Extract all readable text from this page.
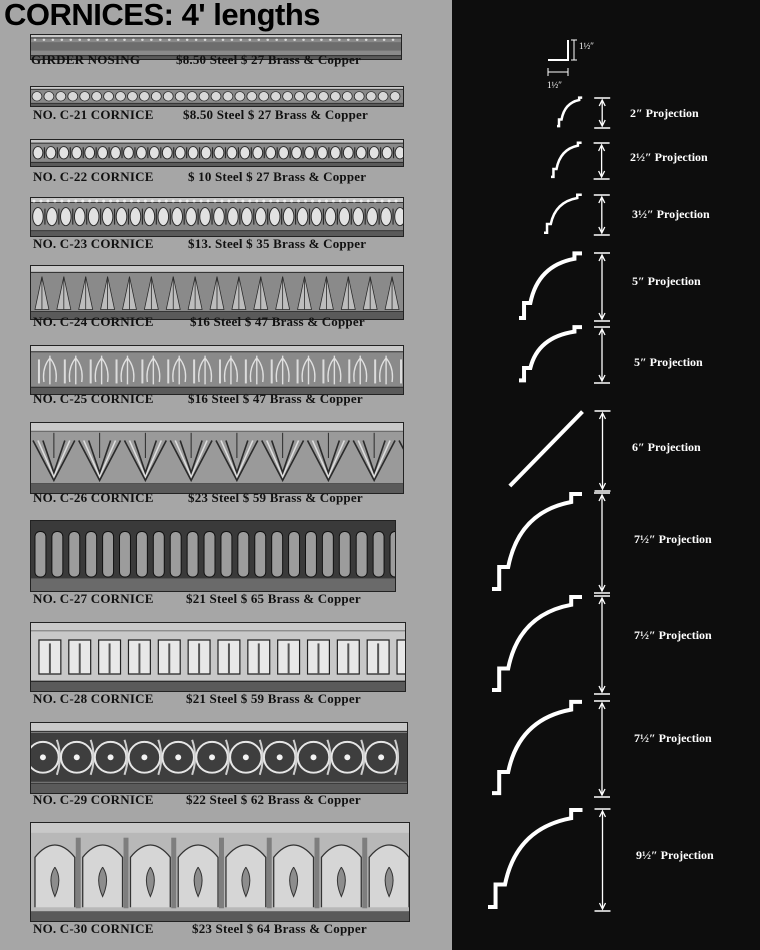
CORNICES: 4' lengths
GIRDER NOSING	$8.50 Steel $ 27 Brass & Copper
NO. C-21 CORNICE $8.50 Steel $ 27 Brass & Copper
NO. C-22 CORNICE	$ 10 Steel $ 27 Brass & Copper
NO. C-23 CORNICE	$13. Steel $ 35 Brass & Copper
NO. C-24 CORNICE	$16 Steel $ 47 Brass & Copper
NO. C-25 CORNICE	$16 Steel $ 47 Brass & Copper
NO. C-26 CORNICE	$23 Steel $ 59 Brass & Copper
NO. C-27 CORNICE $21 Steel $ 65 Brass & Copper
NO. C-28 CORNICE $21 Steel $ 59 Brass & Copper
NO. C-29 CORNICE $22 Steel $ 62 Brass & Copper
NO. C-30 CORNICE	$23 Steel $ 64 Brass & Copper
1½″
1½″
2″ Projection
2½″ Projection
3½″ Projection
5″ Projection
5″ Projection
6″ Projection
7½″ Projection
7½″ Projection
7½″ Projection
9½″ Projection
